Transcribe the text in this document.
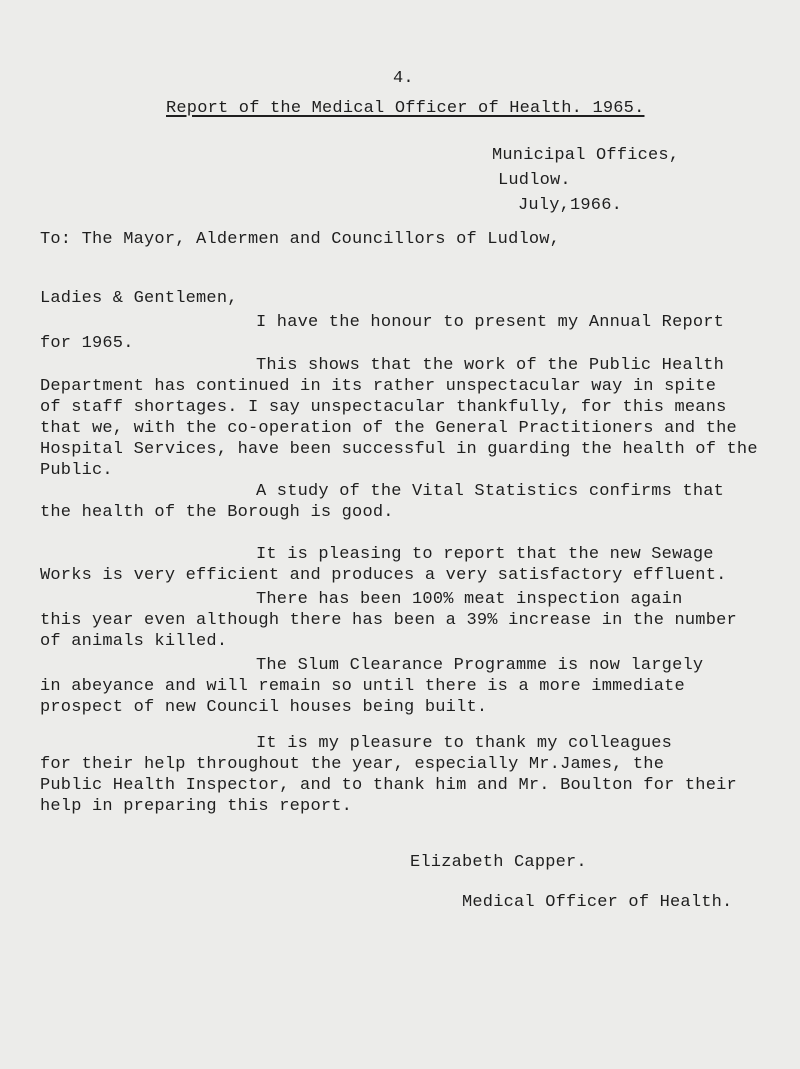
4.
Report of the Medical Officer of Health. 1965.
Municipal Offices,
Ludlow.
July,1966.
To: The Mayor, Aldermen and Councillors of Ludlow,
Ladies & Gentlemen,
I have the honour to present my Annual Report
for 1965.
This shows that the work of the Public Health
Department has continued in its rather unspectacular way in spite
of staff shortages. I say unspectacular thankfully, for this means
that we, with the co-operation of the General Practitioners and the
Hospital Services, have been successful in guarding the health of the
Public.
A study of the Vital Statistics confirms that
the health of the Borough is good.
It is pleasing to report that the new Sewage
Works is very efficient and produces a very satisfactory effluent.
There has been 100% meat inspection again
this year even although there has been a 39% increase in the number
of animals killed.
The Slum Clearance Programme is now largely
in abeyance and will remain so until there is a more immediate
prospect of new Council houses being built.
It is my pleasure to thank my colleagues
for their help throughout the year, especially Mr.James, the
Public Health Inspector, and to thank him and Mr. Boulton for their
help in preparing this report.
Elizabeth Capper.
Medical Officer of Health.
